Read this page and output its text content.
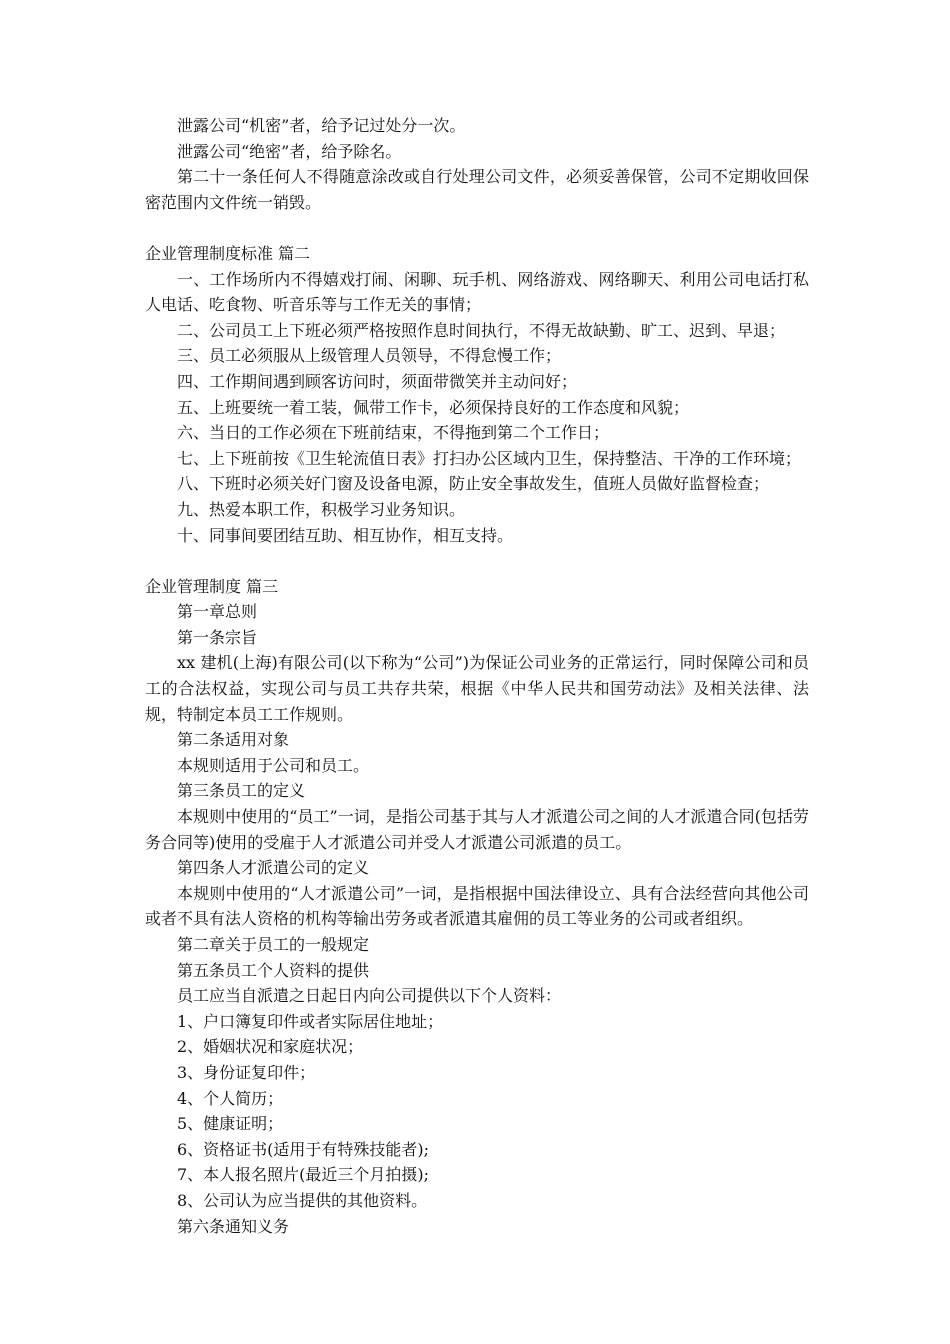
泄露公司“机密”者，给予记过处分一次。

泄露公司“绝密”者，给予除名。

第二十一条任何人不得随意涂改或自行处理公司文件，必须妥善保管，公司不定期收回保密范围内文件统一销毁。

企业管理制度标准 篇二

一、工作场所内不得嬉戏打闹、闲聊、玩手机、网络游戏、网络聊天、利用公司电话打私人电话、吃食物、听音乐等与工作无关的事情；

二、公司员工上下班必须严格按照作息时间执行，不得无故缺勤、旷工、迟到、早退；

三、员工必须服从上级管理人员领导，不得怠慢工作；

四、工作期间遇到顾客访问时，须面带微笑并主动问好；

五、上班要统一着工装，佩带工作卡，必须保持良好的工作态度和风貌；

六、当日的工作必须在下班前结束，不得拖到第二个工作日；

七、上下班前按《卫生轮流值日表》打扫办公区域内卫生，保持整洁、干净的工作环境；

八、下班时必须关好门窗及设备电源，防止安全事故发生，值班人员做好监督检查；

九、热爱本职工作，积极学习业务知识。

十、同事间要团结互助、相互协作，相互支持。

企业管理制度 篇三

第一章总则

第一条宗旨

xx 建机(上海)有限公司(以下称为“公司”)为保证公司业务的正常运行，同时保障公司和员工的合法权益，实现公司与员工共存共荣，根据《中华人民共和国劳动法》及相关法律、法规，特制定本员工工作规则。

第二条适用对象

本规则适用于公司和员工。

第三条员工的定义

本规则中使用的“员工”一词，是指公司基于其与人才派遣公司之间的人才派遣合同(包括劳务合同等)使用的受雇于人才派遣公司并受人才派遣公司派遣的员工。

第四条人才派遣公司的定义

本规则中使用的“人才派遣公司”一词，是指根据中国法律设立、具有合法经营向其他公司或者不具有法人资格的机构等输出劳务或者派遣其雇佣的员工等业务的公司或者组织。

第二章关于员工的一般规定

第五条员工个人资料的提供

员工应当自派遣之日起日内向公司提供以下个人资料：

1、户口簿复印件或者实际居住地址；

2、婚姻状况和家庭状况；

3、身份证复印件；

4、个人简历；

5、健康证明；

6、资格证书(适用于有特殊技能者);

7、本人报名照片(最近三个月拍摄);

8、公司认为应当提供的其他资料。

第六条通知义务
